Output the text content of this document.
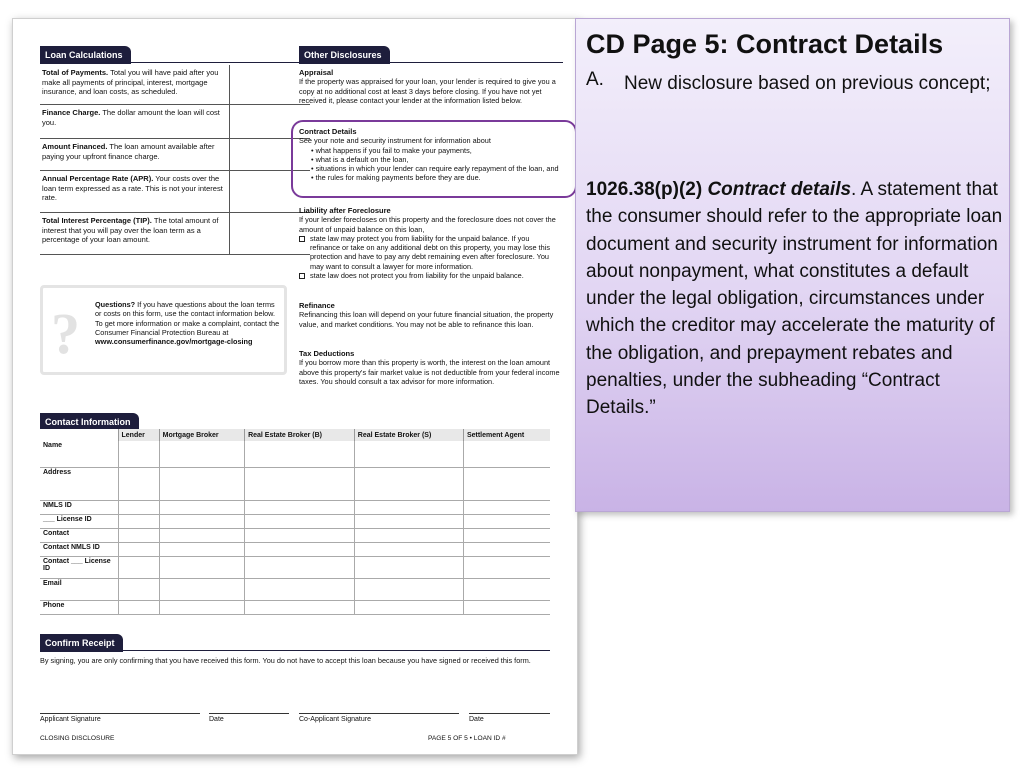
Loan Calculations
Total of Payments. Total you will have paid after you make all payments of principal, interest, mortgage insurance, and loan costs, as scheduled.
Finance Charge. The dollar amount the loan will cost you.
Amount Financed. The loan amount available after paying your upfront finance charge.
Annual Percentage Rate (APR). Your costs over the loan term expressed as a rate. This is not your interest rate.
Total Interest Percentage (TIP). The total amount of interest that you will pay over the loan term as a percentage of your loan amount.
? Questions? If you have questions about the loan terms or costs on this form, use the contact information below. To get more information or make a complaint, contact the Consumer Financial Protection Bureau at www.consumerfinance.gov/mortgage-closing
Other Disclosures
Appraisal
If the property was appraised for your loan, your lender is required to give you a copy at no additional cost at least 3 days before closing. If you have not yet received it, please contact your lender at the information listed below.
Contract Details
See your note and security instrument for information about
• what happens if you fail to make your payments,
• what is a default on the loan,
• situations in which your lender can require early repayment of the loan, and
• the rules for making payments before they are due.
Liability after Foreclosure
If your lender forecloses on this property and the foreclosure does not cover the amount of unpaid balance on this loan,
state law may protect you from liability for the unpaid balance. If you refinance or take on any additional debt on this property, you may lose this protection and have to pay any debt remaining even after foreclosure. You may want to consult a lawyer for more information.
state law does not protect you from liability for the unpaid balance.
Refinance
Refinancing this loan will depend on your future financial situation, the property value, and market conditions. You may not be able to refinance this loan.
Tax Deductions
If you borrow more than this property is worth, the interest on the loan amount above this property's fair market value is not deductible from your federal income taxes. You should consult a tax advisor for more information.
Contact Information
	Lender	Mortgage Broker	Real Estate Broker (B)	Real Estate Broker (S)	Settlement Agent
Name					
Address					
NMLS ID					
___ License ID					
Contact					
Contact NMLS ID					
Contact ___ License ID					
Email					
Phone					
Confirm Receipt
By signing, you are only confirming that you have received this form. You do not have to accept this loan because you have signed or received this form.
Applicant Signature	Date	Co-Applicant Signature	Date
CLOSING DISCLOSURE	PAGE 5 OF 5 • LOAN ID #
CD Page 5: Contract Details
A. New disclosure based on previous concept;
1026.38(p)(2) Contract details. A statement that the consumer should refer to the appropriate loan document and security instrument for information about nonpayment, what constitutes a default under the legal obligation, circumstances under which the creditor may accelerate the maturity of the obligation, and prepayment rebates and penalties, under the subheading “Contract Details.”
